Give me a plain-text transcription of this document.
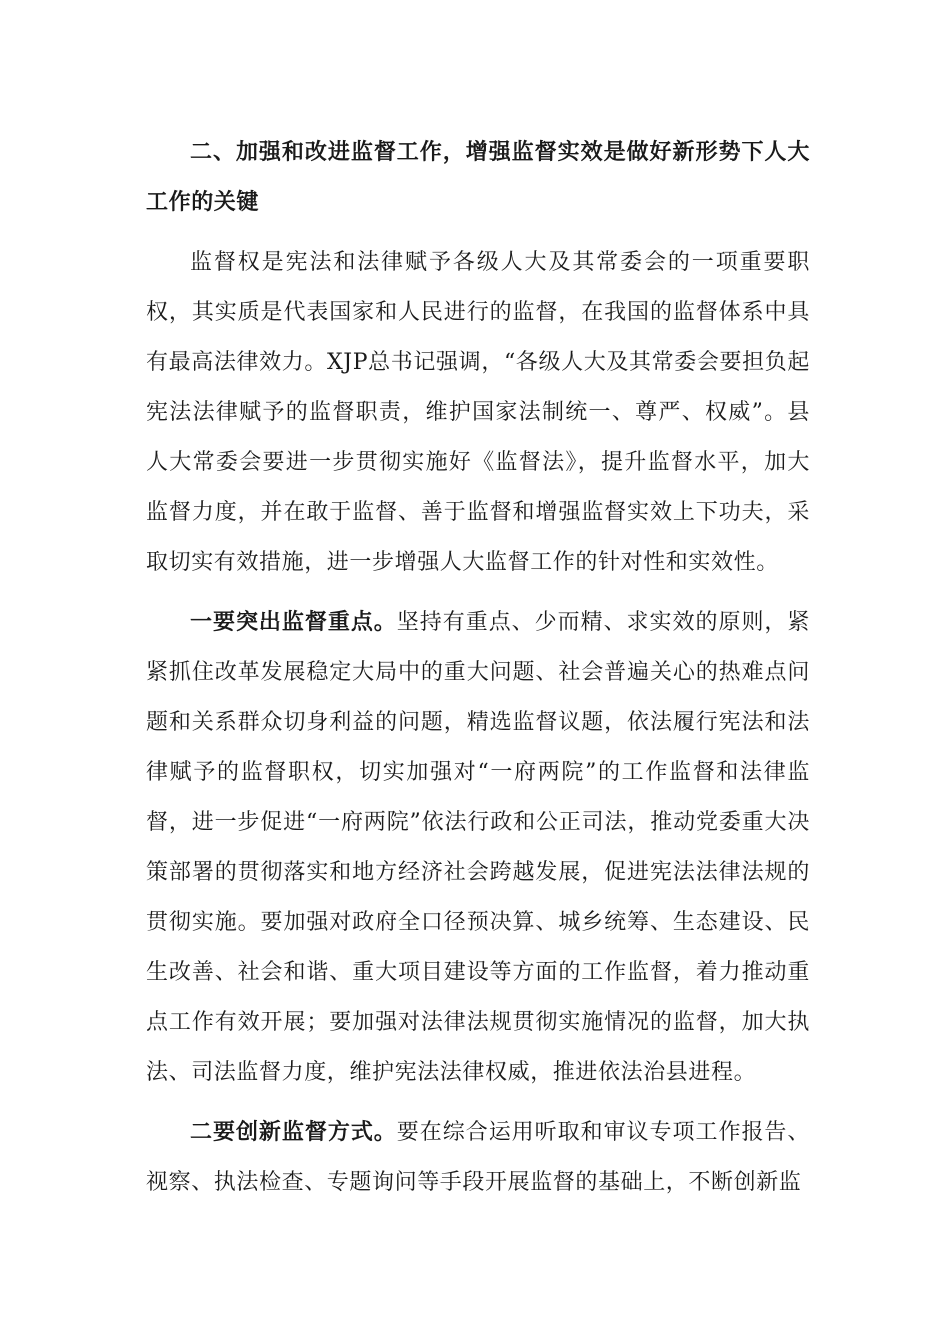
二、加强和改进监督工作，增强监督实效是做好新形势下人大工作的关键

监督权是宪法和法律赋予各级人大及其常委会的一项重要职权，其实质是代表国家和人民进行的监督，在我国的监督体系中具有最高法律效力。XJP总书记强调，“各级人大及其常委会要担负起宪法法律赋予的监督职责，维护国家法制统一、尊严、权威”。县人大常委会要进一步贯彻实施好《监督法》，提升监督水平，加大监督力度，并在敢于监督、善于监督和增强监督实效上下功夫，采取切实有效措施，进一步增强人大监督工作的针对性和实效性。

一要突出监督重点。坚持有重点、少而精、求实效的原则，紧紧抓住改革发展稳定大局中的重大问题、社会普遍关心的热难点问题和关系群众切身利益的问题，精选监督议题，依法履行宪法和法律赋予的监督职权，切实加强对“一府两院”的工作监督和法律监督，进一步促进“一府两院”依法行政和公正司法，推动党委重大决策部署的贯彻落实和地方经济社会跨越发展，促进宪法法律法规的贯彻实施。要加强对政府全口径预决算、城乡统筹、生态建设、民生改善、社会和谐、重大项目建设等方面的工作监督，着力推动重点工作有效开展；要加强对法律法规贯彻实施情况的监督，加大执法、司法监督力度，维护宪法法律权威，推进依法治县进程。

二要创新监督方式。要在综合运用听取和审议专项工作报告、视察、执法检查、专题询问等手段开展监督的基础上，不断创新监
